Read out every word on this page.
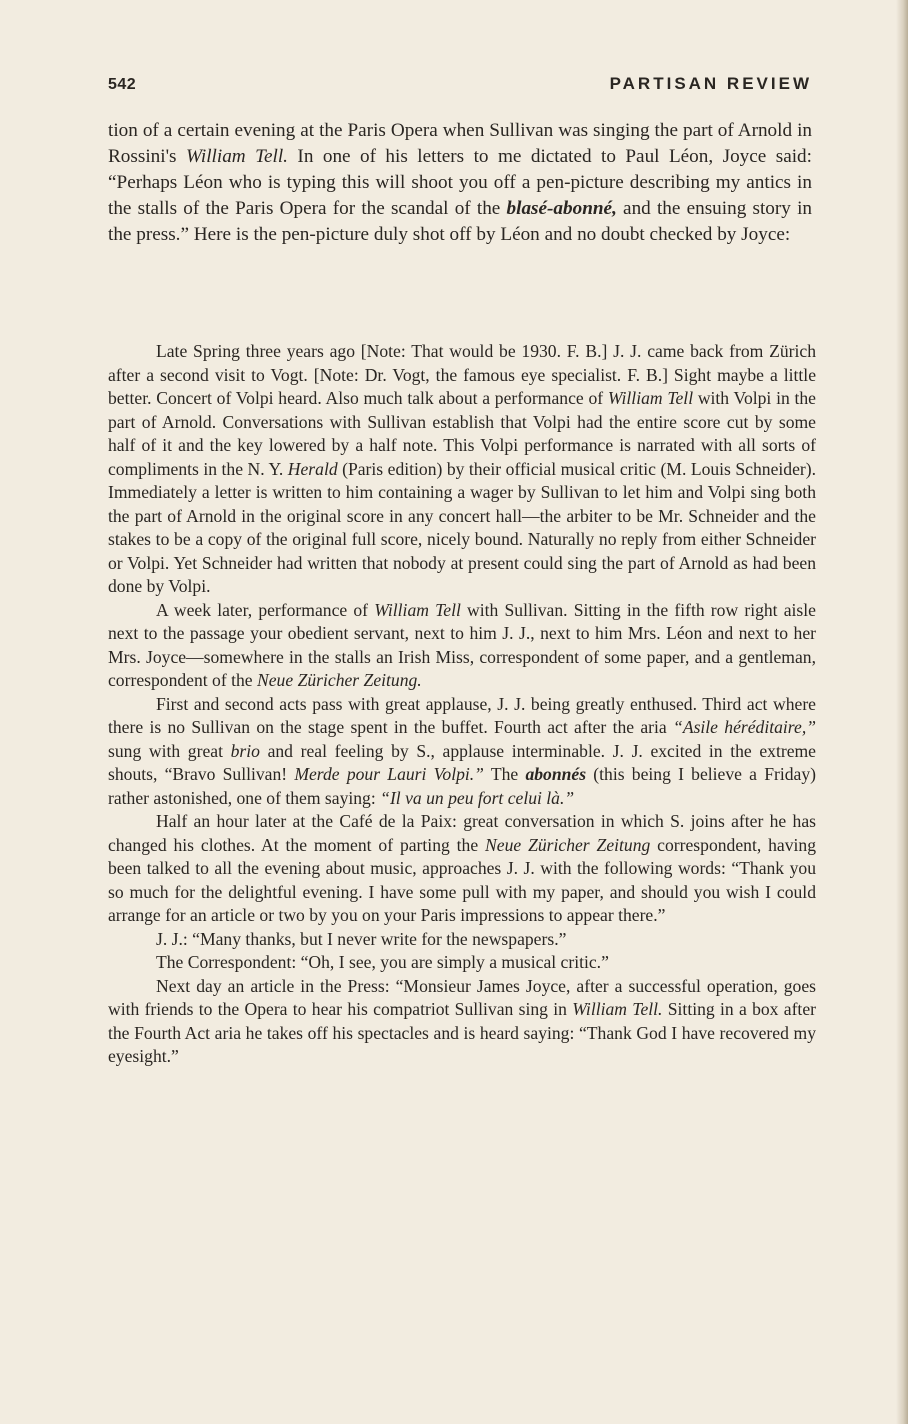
542	PARTISAN REVIEW

tion of a certain evening at the Paris Opera when Sullivan was singing the part of Arnold in Rossini's William Tell. In one of his letters to me dictated to Paul Léon, Joyce said: “Perhaps Léon who is typing this will shoot you off a pen-picture describing my antics in the stalls of the Paris Opera for the scandal of the blasé-abonné, and the ensuing story in the press.” Here is the pen-picture duly shot off by Léon and no doubt checked by Joyce:

Late Spring three years ago [Note: That would be 1930. F. B.] J. J. came back from Zürich after a second visit to Vogt. [Note: Dr. Vogt, the famous eye specialist. F. B.] Sight maybe a little better. Concert of Volpi heard. Also much talk about a performance of William Tell with Volpi in the part of Arnold. Conversations with Sullivan establish that Volpi had the entire score cut by some half of it and the key lowered by a half note. This Volpi performance is narrated with all sorts of compliments in the N. Y. Herald (Paris edition) by their official musical critic (M. Louis Schneider). Immediately a letter is written to him containing a wager by Sullivan to let him and Volpi sing both the part of Arnold in the original score in any concert hall—the arbiter to be Mr. Schneider and the stakes to be a copy of the original full score, nicely bound. Naturally no reply from either Schneider or Volpi. Yet Schneider had written that nobody at present could sing the part of Arnold as had been done by Volpi.

A week later, performance of William Tell with Sullivan. Sitting in the fifth row right aisle next to the passage your obedient servant, next to him J. J., next to him Mrs. Léon and next to her Mrs. Joyce—somewhere in the stalls an Irish Miss, correspondent of some paper, and a gentleman, correspondent of the Neue Züricher Zeitung.

First and second acts pass with great applause, J. J. being greatly enthused. Third act where there is no Sullivan on the stage spent in the buffet. Fourth act after the aria “Asile héréditaire,” sung with great brio and real feeling by S., applause interminable. J. J. excited in the extreme shouts, “Bravo Sullivan! Merde pour Lauri Volpi.” The abonnés (this being I believe a Friday) rather astonished, one of them saying: “Il va un peu fort celui là.”

Half an hour later at the Café de la Paix: great conversation in which S. joins after he has changed his clothes. At the moment of parting the Neue Züricher Zeitung correspondent, having been talked to all the evening about music, approaches J. J. with the following words: “Thank you so much for the delightful evening. I have some pull with my paper, and should you wish I could arrange for an article or two by you on your Paris impressions to appear there.”

J. J.: “Many thanks, but I never write for the newspapers.”

The Correspondent: “Oh, I see, you are simply a musical critic.”

Next day an article in the Press: “Monsieur James Joyce, after a successful operation, goes with friends to the Opera to hear his compatriot Sullivan sing in William Tell. Sitting in a box after the Fourth Act aria he takes off his spectacles and is heard saying: “Thank God I have recovered my eyesight.”
